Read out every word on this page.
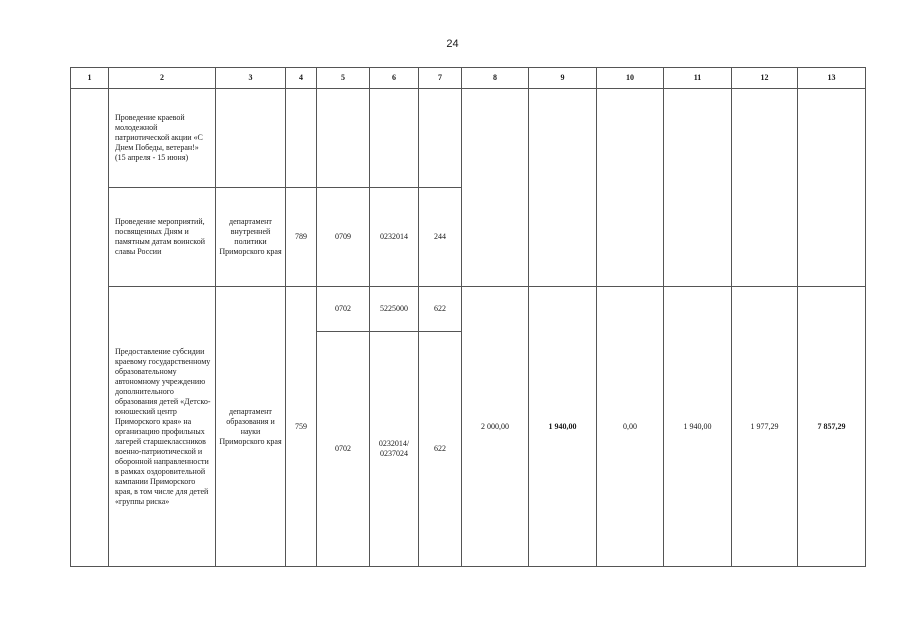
24
1	2	3	4	5	6	7	8	9	10	11	12	13
	Проведение краевой молодежной патриотической акции «С Днем Победы, ветеран!» (15 апреля - 15 июня)											
	Проведение мероприятий, посвященных Дням и памятным датам воинской славы России	департамент внутренней политики Приморского края	789	0709	0232014	244						
	Предоставление субсидии краевому государственному образовательному автономному учреждению дополнительного образования детей «Детско-юношеский центр Приморского края» на организацию профильных лагерей старшеклассников военно-патриотической и оборонной направленности в рамках оздоровительной кампании Приморского края, в том числе для детей «группы риска»	департамент образования и науки Приморского края	759	0702	5225000	622	2 000,00	1 940,00	0,00	1 940,00	1 977,29	7 857,29
				0702	0232014/ 0237024	622						
